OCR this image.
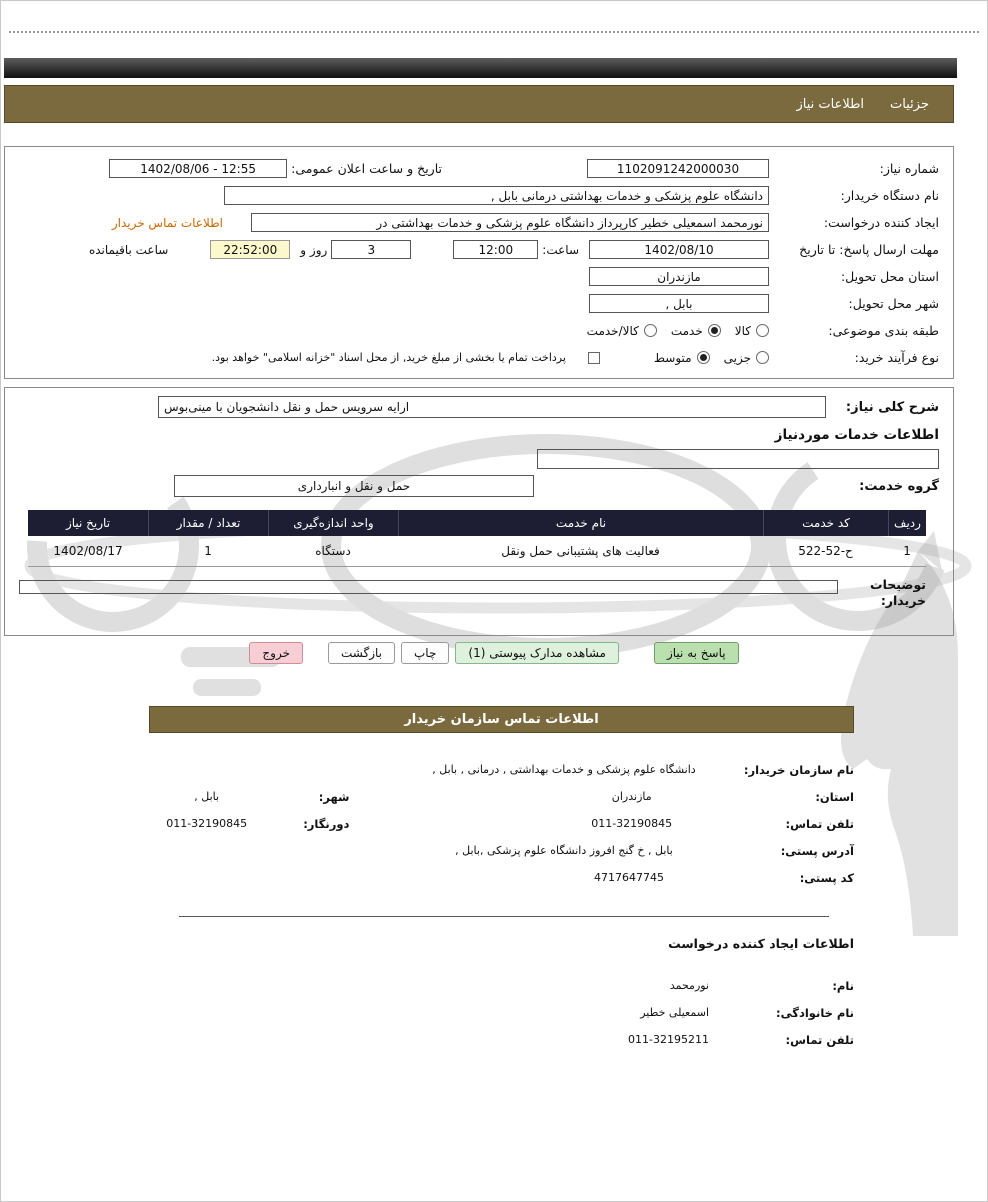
جزئیات
اطلاعات نیاز
شماره نیاز:
1102091242000030
تاریخ و ساعت اعلان عمومی:
1402/08/06 - 12:55
نام دستگاه خریدار:
دانشگاه علوم پزشکی و خدمات بهداشتی درمانی بابل ,
ایجاد کننده درخواست:
نورمحمد اسمعیلی خطیر کارپرداز دانشگاه علوم پزشکی و خدمات بهداشتی در
اطلاعات تماس خریدار
مهلت ارسال پاسخ: تا تاریخ
1402/08/10
ساعت:
12:00
3
روز و
22:52:00
ساعت باقیمانده
استان محل تحویل:
مازندران
شهر محل تحویل:
بابل ,
طبقه بندی موضوعی:
کالا
خدمت
کالا/خدمت
نوع فرآیند خرید:
جزیی
متوسط
پرداخت تمام یا بخشی از مبلغ خرید, از محل اسناد "خزانه اسلامی" خواهد بود.
شرح کلی نیاز:
ارایه سرویس حمل و نقل دانشجویان با مینی‌بوس
اطلاعات خدمات موردنیاز
گروه خدمت:
حمل و نقل و انبارداری
ردیف
کد خدمت
نام خدمت
واحد اندازه‌گیری
تعداد / مقدار
تاریخ نیاز
1
ح-52-522
فعالیت های پشتیبانی حمل ونقل
دستگاه
1
1402/08/17
توضیحات خریدار:
پاسخ به نیاز
مشاهده مدارک پیوستی (1)
چاپ
بازگشت
خروج
اطلاعات تماس سازمان خریدار
نام سازمان خریدار:
دانشگاه علوم پزشکی و خدمات بهداشتی , درمانی , بابل ,
استان:
مازندران
شهر:
بابل ,
تلفن تماس:
011-32190845
دورنگار:
011-32190845
آدرس پستی:
بابل , خ گنج افروز دانشگاه علوم پزشکی ,بابل ,
کد پستی:
4717647745
اطلاعات ایجاد کننده درخواست
نام:
نورمحمد
نام خانوادگی:
اسمعیلی خطیر
تلفن تماس:
011-32195211
